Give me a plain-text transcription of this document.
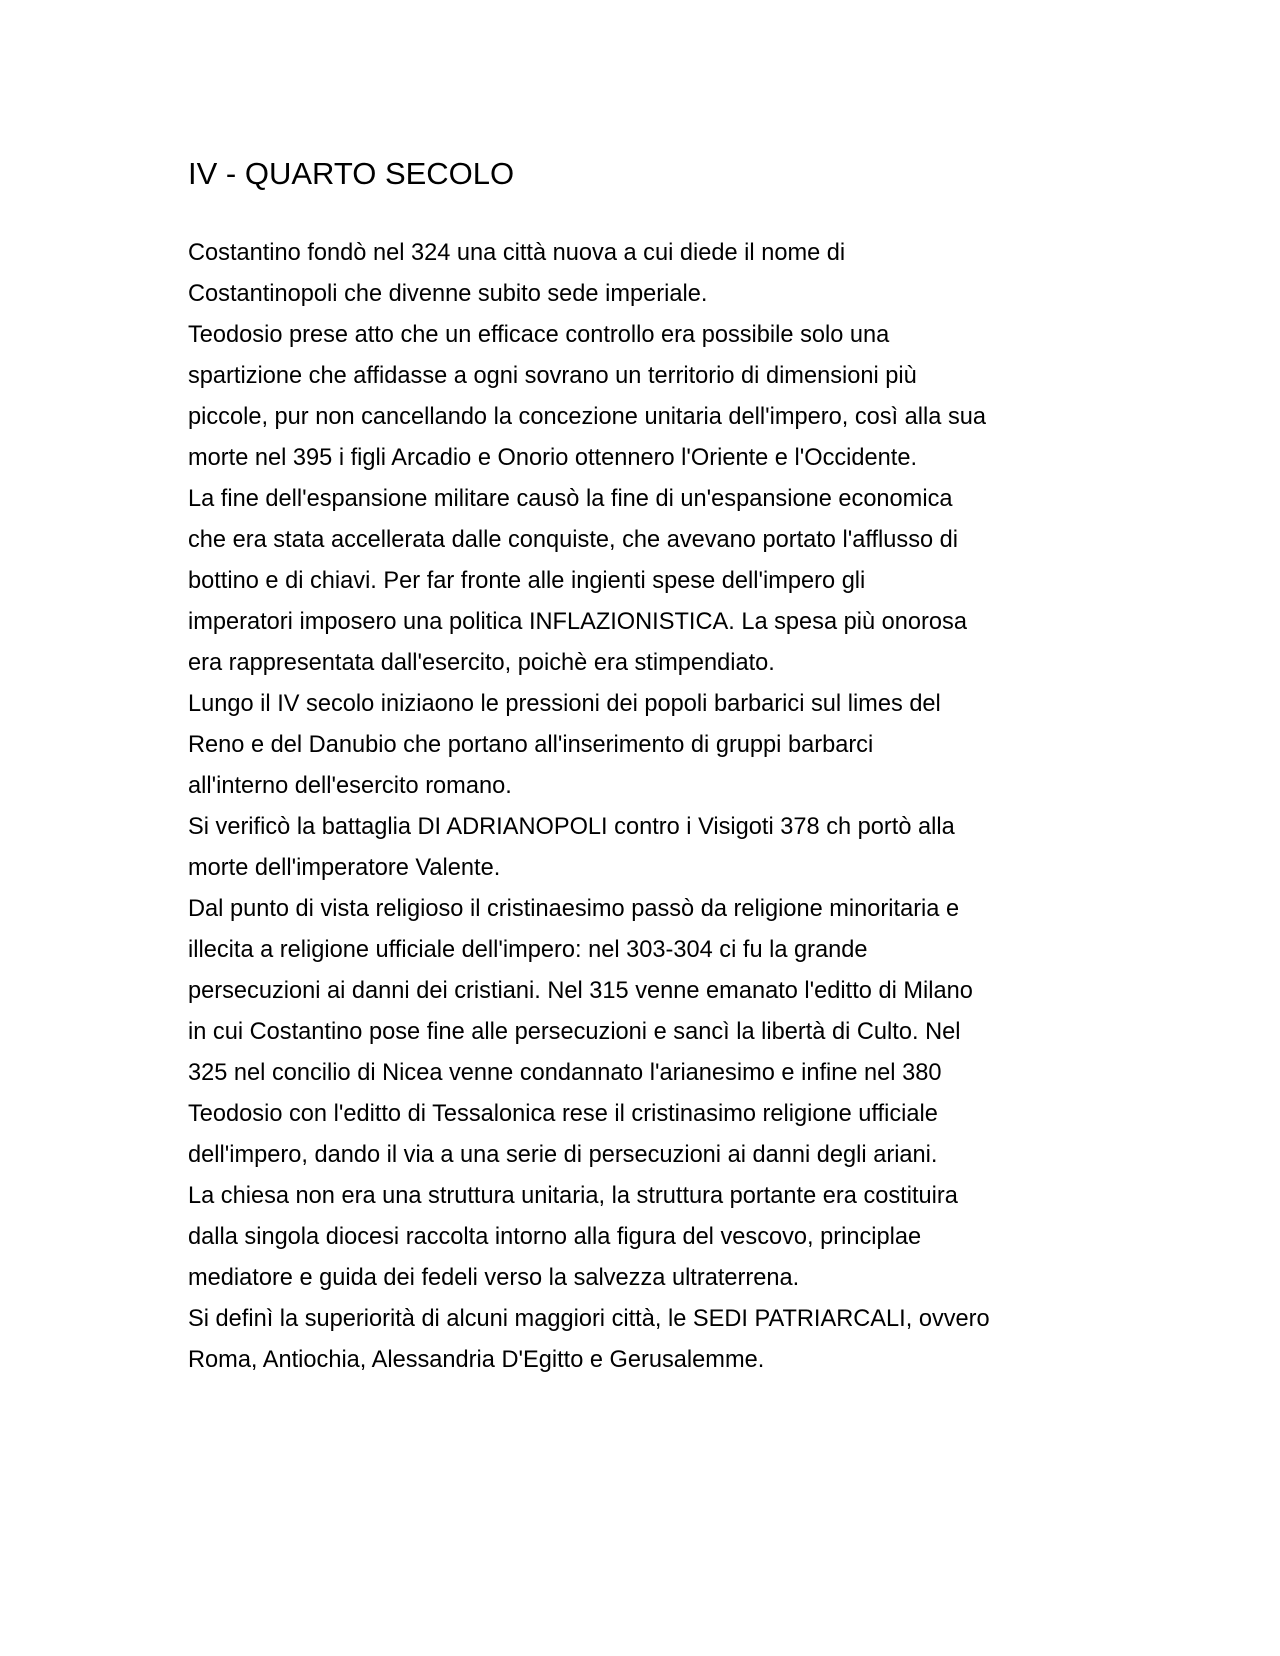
IV - QUARTO SECOLO
Costantino fondò nel 324 una città nuova a cui diede il nome di
Costantinopoli che divenne subito sede imperiale.
Teodosio prese atto che un efficace controllo era possibile solo una
spartizione che affidasse a ogni sovrano un territorio di dimensioni più
piccole, pur non cancellando la concezione unitaria dell'impero, così alla sua
morte nel 395 i figli Arcadio e Onorio ottennero l'Oriente e l'Occidente.
La fine dell'espansione militare causò la fine di un'espansione economica
che era stata accellerata dalle conquiste, che avevano portato l'afflusso di
bottino e di chiavi. Per far fronte alle ingienti spese dell'impero gli
imperatori imposero una politica INFLAZIONISTICA. La spesa più onorosa
era rappresentata dall'esercito, poichè era stimpendiato.
Lungo il IV secolo iniziaono le pressioni dei popoli barbarici sul limes del
Reno e del Danubio che portano all'inserimento di gruppi barbarci
all'interno dell'esercito romano.
Si verificò la battaglia DI ADRIANOPOLI contro i Visigoti 378 ch portò alla
morte dell'imperatore Valente.
Dal punto di vista religioso il cristinaesimo passò da religione minoritaria e
illecita a religione ufficiale dell'impero: nel 303-304 ci fu la grande
persecuzioni ai danni dei cristiani. Nel 315 venne emanato l'editto di Milano
in cui Costantino pose fine alle persecuzioni e sancì la libertà di Culto. Nel
325 nel concilio di Nicea venne condannato l'arianesimo e infine nel 380
Teodosio con l'editto di Tessalonica rese il cristinasimo religione ufficiale
dell'impero, dando il via a una serie di persecuzioni ai danni degli ariani.
La chiesa non era una struttura unitaria, la struttura portante era costituira
dalla singola diocesi raccolta intorno alla figura del vescovo, principlae
mediatore e guida dei fedeli verso la salvezza ultraterrena.
Si definì la superiorità di alcuni maggiori città, le SEDI PATRIARCALI, ovvero
Roma, Antiochia, Alessandria D'Egitto e Gerusalemme.
